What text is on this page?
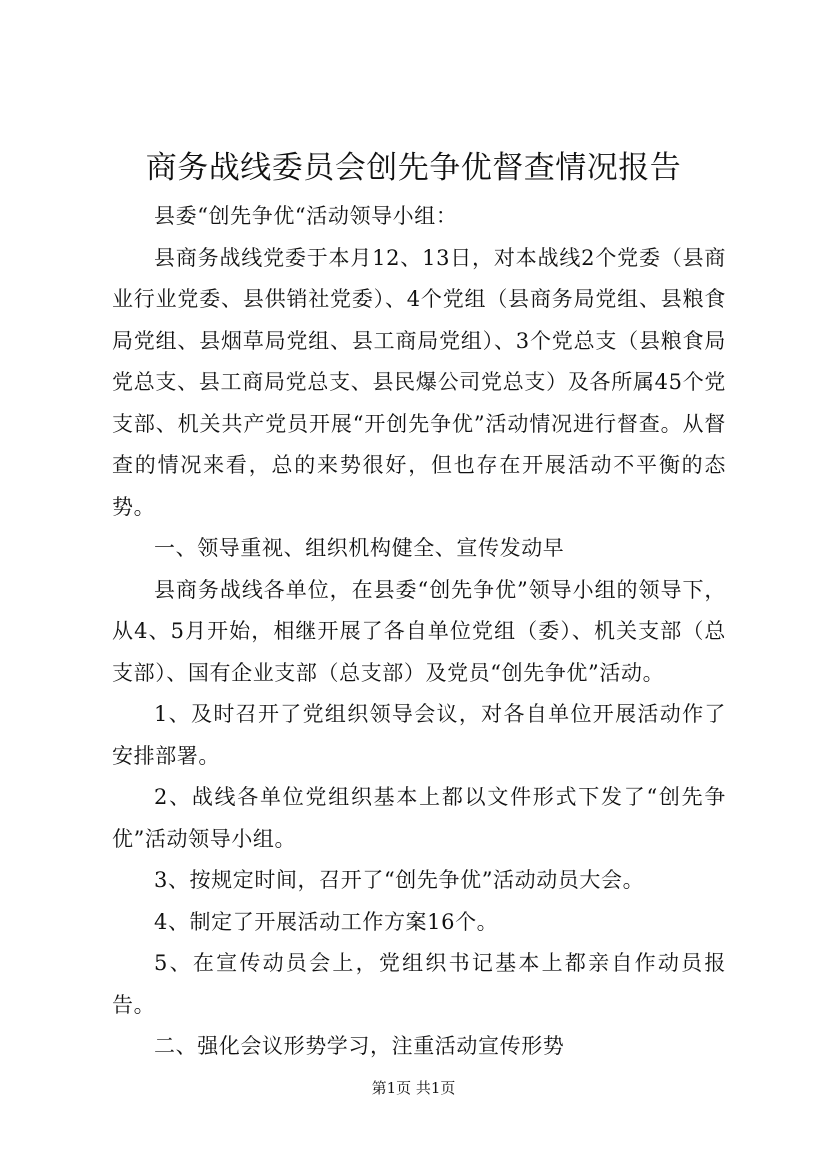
商务战线委员会创先争优督查情况报告

县委“创先争优“活动领导小组：

县商务战线党委于本月12、13日，对本战线2个党委（县商业行业党委、县供销社党委）、4个党组（县商务局党组、县粮食局党组、县烟草局党组、县工商局党组）、3个党总支（县粮食局党总支、县工商局党总支、县民爆公司党总支）及各所属45个党支部、机关共产党员开展“开创先争优”活动情况进行督查。从督查的情况来看，总的来势很好，但也存在开展活动不平衡的态势。

一、领导重视、组织机构健全、宣传发动早

县商务战线各单位，在县委“创先争优”领导小组的领导下，从4、5月开始，相继开展了各自单位党组（委）、机关支部（总支部）、国有企业支部（总支部）及党员“创先争优”活动。

1、及时召开了党组织领导会议，对各自单位开展活动作了安排部署。

2、战线各单位党组织基本上都以文件形式下发了“创先争优”活动领导小组。

3、按规定时间，召开了“创先争优”活动动员大会。

4、制定了开展活动工作方案16个。

5、在宣传动员会上，党组织书记基本上都亲自作动员报告。

二、强化会议形势学习，注重活动宣传形势

第1页 共1页
